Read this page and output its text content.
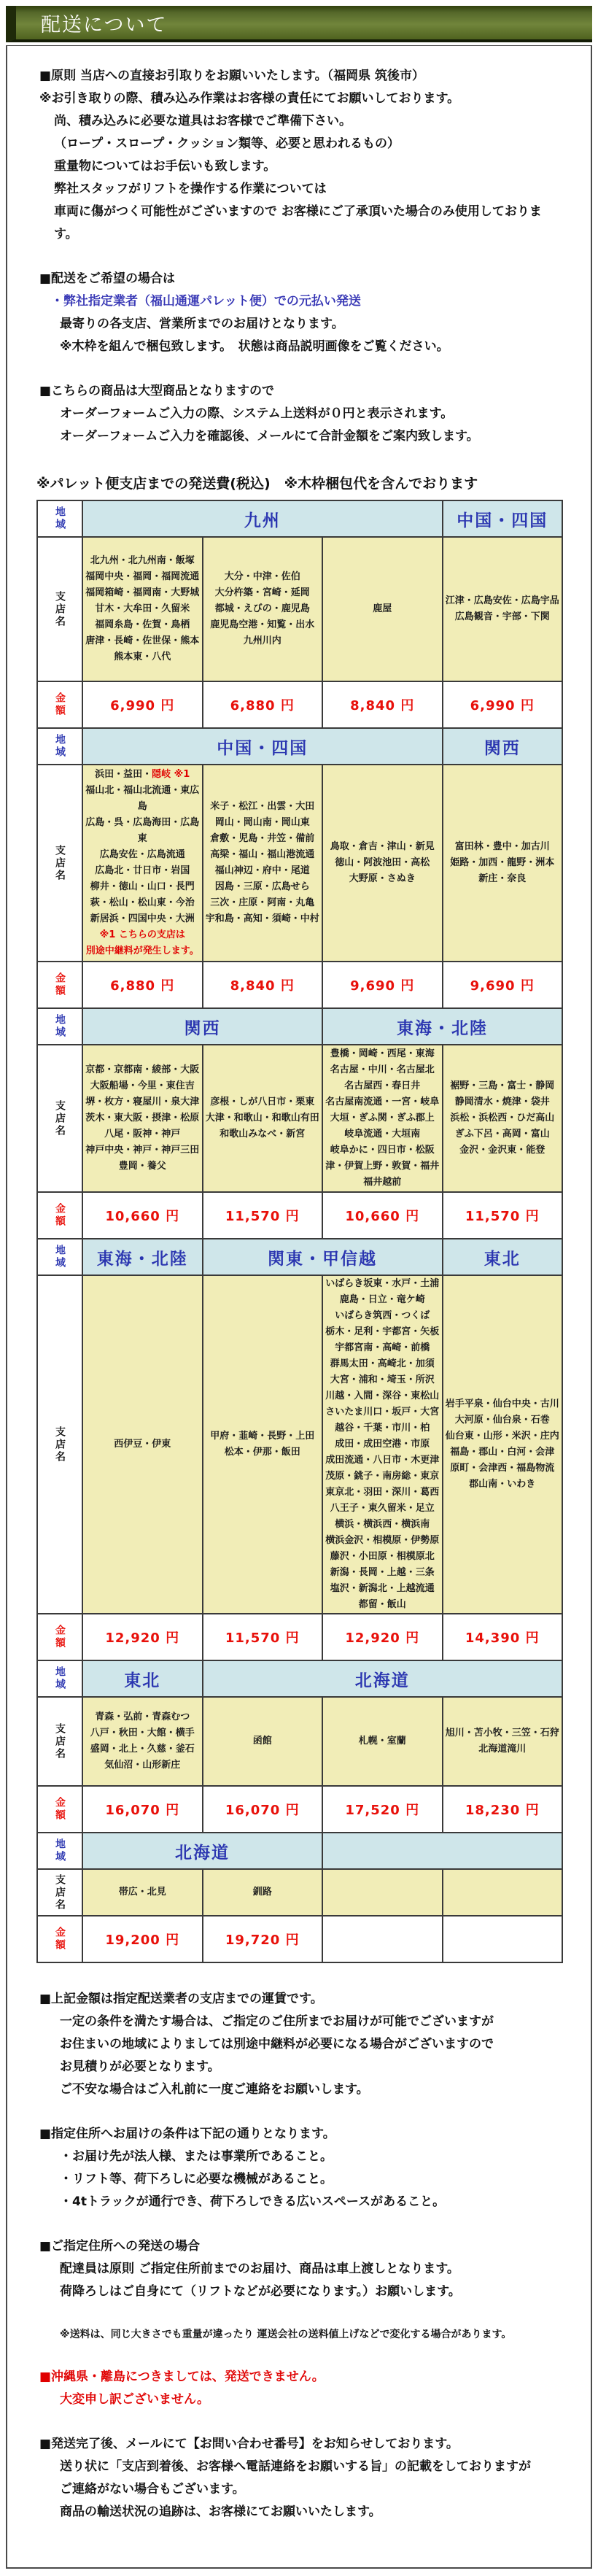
配送について
■原則 当店への直接お引取りをお願いいたします。（福岡県 筑後市）
※お引き取りの際、積み込み作業はお客様の責任にてお願いしております。
尚、積み込みに必要な道具はお客様でご準備下さい。
（ロープ・スロープ・クッション類等、必要と思われるもの）
重量物についてはお手伝いも致します。
弊社スタッフがリフトを操作する作業については
車両に傷がつく可能性がございますので お客様にご了承頂いた場合のみ使用しております。
■配送をご希望の場合は
・弊社指定業者（福山通運パレット便）での元払い発送
最寄りの各支店、営業所までのお届けとなります。
※木枠を組んで梱包致します。　状態は商品説明画像をご覧ください。
■こちらの商品は大型商品となりますので
オーダーフォームご入力の際、システム上送料が０円と表示されます。
オーダーフォームご入力を確認後、メールにて合計金額をご案内致します。
※パレット便支店までの発送費(税込)　※木枠梱包代を含んでおります
地域	九州			中国・四国
支店名	
北九州・北九州南・飯塚
福岡中央・福岡・福岡流通
福岡箱崎・福岡南・大野城
甘木・大牟田・久留米
福岡糸島・佐賀・鳥栖
唐津・長崎・佐世保・熊本
熊本東・八代

大分・中津・佐伯
大分杵築・宮崎・延岡
都城・えびの・鹿児島
鹿児島空港・知覧・出水
九州川内

鹿屋

江津・広島安佐・広島宇品
広島観音・宇部・下関

金額	6,990 円	6,880 円	8,840 円	6,990 円
地域	中国・四国			関西
支店名	
浜田・益田・隠岐 ※1
福山北・福山北流通・東広島
広島・呉・広島海田・広島東
広島安佐・広島流通
広島北・廿日市・岩国
柳井・徳山・山口・長門
萩・松山・松山東・今治
新居浜・四国中央・大洲
※1 こちらの支店は
別途中継料が発生します。

米子・松江・出雲・大田
岡山・岡山南・岡山東
倉敷・児島・井笠・備前
高梁・福山・福山港流通
福山神辺・府中・尾道
因島・三原・広島せら
三次・庄原・阿南・丸亀
宇和島・高知・須崎・中村

鳥取・倉吉・津山・新見
徳山・阿波池田・高松
大野原・さぬき

富田林・豊中・加古川
姫路・加西・龍野・洲本
新庄・奈良

金額	6,880 円	8,840 円	9,690 円	9,690 円
地域	関西		東海・北陸	
支店名	
京都・京都南・綾部・大阪
大阪船場・今里・東住吉
堺・枚方・寝屋川・泉大津
茨木・東大阪・摂津・松原
八尾・阪神・神戸
神戸中央・神戸・神戸三田
豊岡・養父

彦根・しが八日市・栗東
大津・和歌山・和歌山有田
和歌山みなべ・新宮

豊橋・岡崎・西尾・東海
名古屋・中川・名古屋北
名古屋西・春日井
名古屋南流通・一宮・岐阜
大垣・ぎふ関・ぎふ郡上
岐阜流通・大垣南
岐阜かに・四日市・松阪
津・伊賀上野・敦賀・福井
福井越前

裾野・三島・富士・静岡
静岡清水・焼津・袋井
浜松・浜松西・ひだ高山
ぎふ下呂・高岡・富山
金沢・金沢東・能登

金額	10,660 円	11,570 円	10,660 円	11,570 円
地域	東海・北陸	関東・甲信越		東北
支店名	西伊豆・伊東

甲府・韮崎・長野・上田
松本・伊那・飯田

いばらき坂東・水戸・土浦
鹿島・日立・竜ケ崎
いばらき筑西・つくば
栃木・足利・宇都宮・矢板
宇都宮南・高崎・前橋
群馬太田・高崎北・加須
大宮・浦和・埼玉・所沢
川越・入間・深谷・東松山
さいたま川口・坂戸・大宮
越谷・千葉・市川・柏
成田・成田空港・市原
成田流通・八日市・木更津
茂原・銚子・南房総・東京
東京北・羽田・深川・葛西
八王子・東久留米・足立
横浜・横浜西・横浜南
横浜金沢・相模原・伊勢原
藤沢・小田原・相模原北
新潟・長岡・上越・三条
塩沢・新潟北・上越流通
都留・飯山

岩手平泉・仙台中央・古川
大河原・仙台泉・石巻
仙台東・山形・米沢・庄内
福島・郡山・白河・会津
原町・会津西・福島物流
郡山南・いわき

金額	12,920 円	11,570 円	12,920 円	14,390 円
地域	東北	北海道		
支店名	
青森・弘前・青森むつ
八戸・秋田・大館・横手
盛岡・北上・久慈・釜石
気仙沼・山形新庄

函館	札幌・室蘭

旭川・苫小牧・三笠・石狩
北海道滝川

金額	16,070 円	16,070 円	17,520 円	18,230 円
地域	北海道			
支店名	帯広・北見	釧路		

金額	19,200 円	19,720 円		
■上記金額は指定配送業者の支店までの運賃です。
一定の条件を満たす場合は、ご指定のご住所までお届けが可能でございますが
お住まいの地域によりましては別途中継料が必要になる場合がございますので
お見積りが必要となります。
ご不安な場合はご入札前に一度ご連絡をお願いします。
■指定住所へお届けの条件は下記の通りとなります。
・お届け先が法人様、または事業所であること。
・リフト等、荷下ろしに必要な機械があること。
・4tトラックが通行でき、荷下ろしできる広いスペースがあること。
■ご指定住所への発送の場合
配達員は原則 ご指定住所前までのお届け、商品は車上渡しとなります。
荷降ろしはご自身にて（リフトなどが必要になります。）お願いします。
※送料は、同じ大きさでも重量が違ったり 運送会社の送料値上げなどで変化する場合があります。
■沖縄県・離島につきましては、発送できません。
大変申し訳ございません。
■発送完了後、メールにて【お問い合わせ番号】をお知らせしております。
送り状に「支店到着後、お客様へ電話連絡をお願いする旨」の記載をしておりますが
ご連絡がない場合もございます。
商品の輸送状況の追跡は、お客様にてお願いいたします。
